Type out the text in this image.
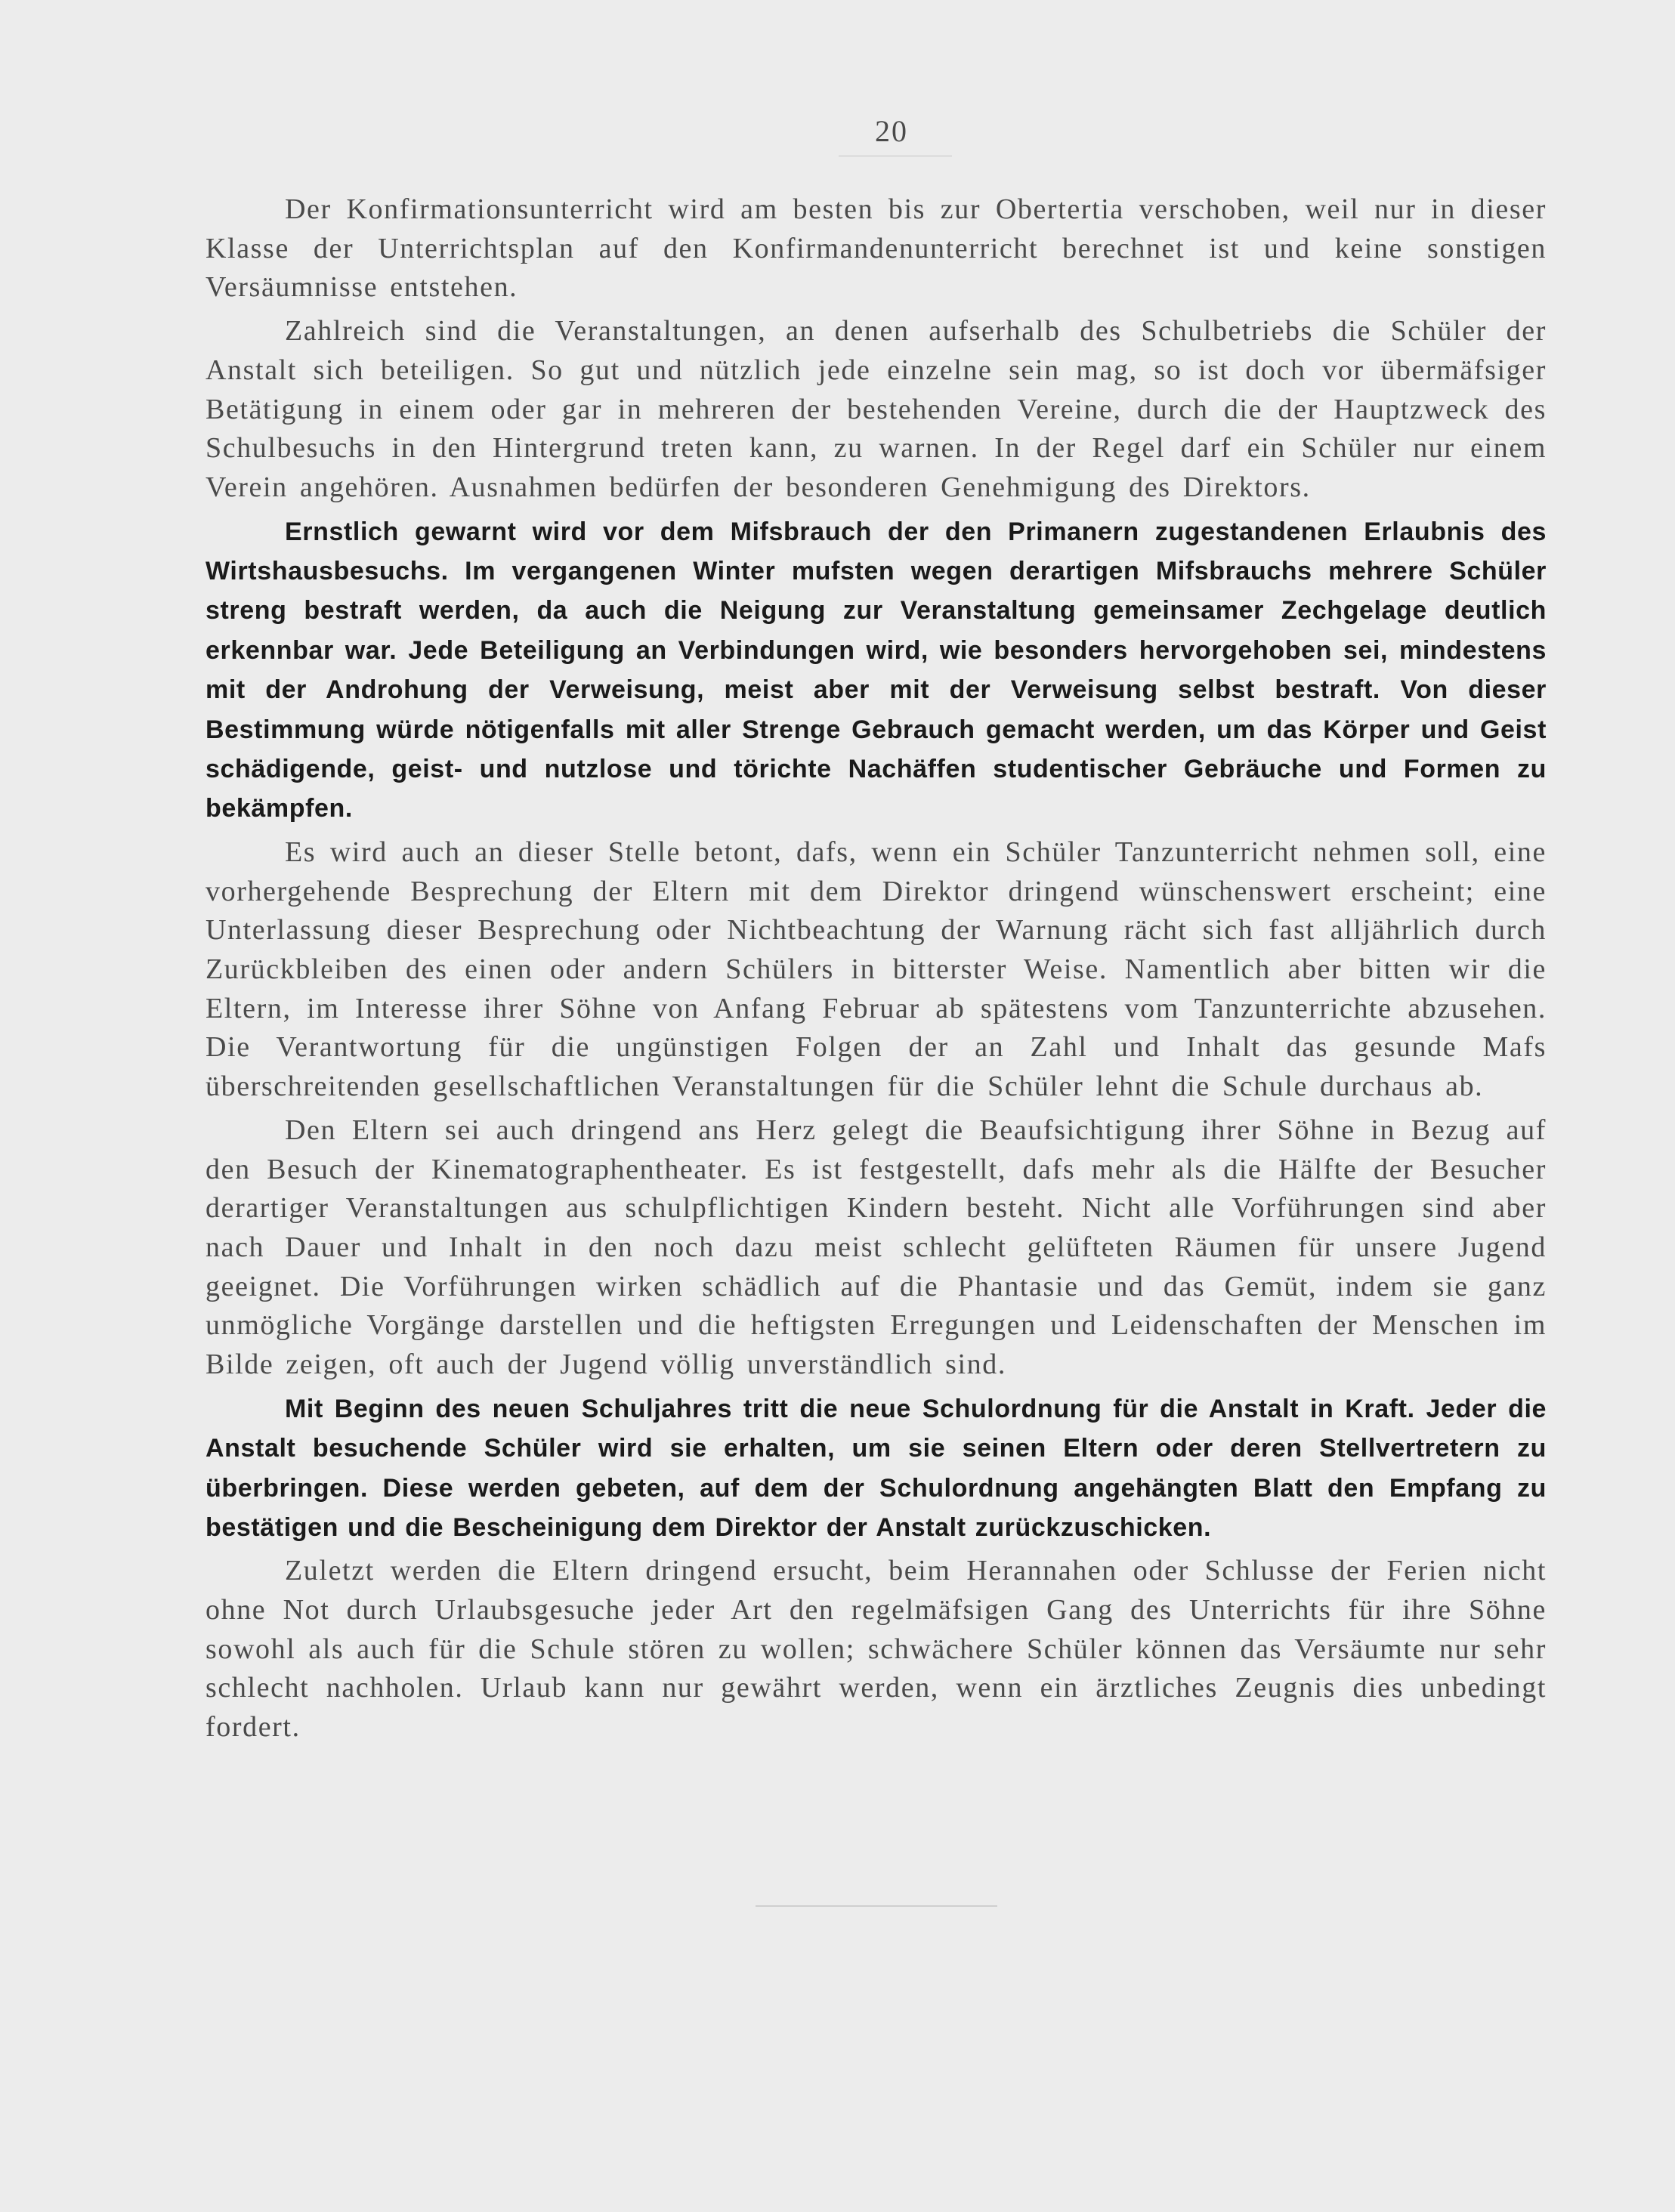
20

Der Konfirmationsunterricht wird am besten bis zur Obertertia verschoben, weil nur in dieser Klasse der Unterrichtsplan auf den Konfirmandenunterricht berechnet ist und keine sonstigen Versäumnisse entstehen.

Zahlreich sind die Veranstaltungen, an denen aufserhalb des Schulbetriebs die Schüler der Anstalt sich beteiligen. So gut und nützlich jede einzelne sein mag, so ist doch vor übermäfsiger Betätigung in einem oder gar in mehreren der bestehenden Vereine, durch die der Hauptzweck des Schulbesuchs in den Hintergrund treten kann, zu warnen. In der Regel darf ein Schüler nur einem Verein angehören. Ausnahmen bedürfen der besonderen Genehmigung des Direktors.

Ernstlich gewarnt wird vor dem Mifsbrauch der den Primanern zugestandenen Erlaubnis des Wirtshausbesuchs. Im vergangenen Winter mufsten wegen derartigen Mifsbrauchs mehrere Schüler streng bestraft werden, da auch die Neigung zur Veranstaltung gemeinsamer Zechgelage deutlich erkennbar war. Jede Beteiligung an Verbindungen wird, wie besonders hervorgehoben sei, mindestens mit der Androhung der Verweisung, meist aber mit der Verweisung selbst bestraft. Von dieser Bestimmung würde nötigenfalls mit aller Strenge Gebrauch gemacht werden, um das Körper und Geist schädigende, geist- und nutzlose und törichte Nachäffen studentischer Gebräuche und Formen zu bekämpfen.

Es wird auch an dieser Stelle betont, dafs, wenn ein Schüler Tanzunterricht nehmen soll, eine vorhergehende Besprechung der Eltern mit dem Direktor dringend wünschenswert erscheint; eine Unterlassung dieser Besprechung oder Nichtbeachtung der Warnung rächt sich fast alljährlich durch Zurückbleiben des einen oder andern Schülers in bitterster Weise. Namentlich aber bitten wir die Eltern, im Interesse ihrer Söhne von Anfang Februar ab spätestens vom Tanzunterrichte abzusehen. Die Verantwortung für die ungünstigen Folgen der an Zahl und Inhalt das gesunde Mafs überschreitenden gesellschaftlichen Veranstaltungen für die Schüler lehnt die Schule durchaus ab.

Den Eltern sei auch dringend ans Herz gelegt die Beaufsichtigung ihrer Söhne in Bezug auf den Besuch der Kinematographentheater. Es ist festgestellt, dafs mehr als die Hälfte der Besucher derartiger Veranstaltungen aus schulpflichtigen Kindern besteht. Nicht alle Vorführungen sind aber nach Dauer und Inhalt in den noch dazu meist schlecht gelüfteten Räumen für unsere Jugend geeignet. Die Vorführungen wirken schädlich auf die Phantasie und das Gemüt, indem sie ganz unmögliche Vorgänge darstellen und die heftigsten Erregungen und Leidenschaften der Menschen im Bilde zeigen, oft auch der Jugend völlig unverständlich sind.

Mit Beginn des neuen Schuljahres tritt die neue Schulordnung für die Anstalt in Kraft. Jeder die Anstalt besuchende Schüler wird sie erhalten, um sie seinen Eltern oder deren Stellvertretern zu überbringen. Diese werden gebeten, auf dem der Schulordnung angehängten Blatt den Empfang zu bestätigen und die Bescheinigung dem Direktor der Anstalt zurückzuschicken.

Zuletzt werden die Eltern dringend ersucht, beim Herannahen oder Schlusse der Ferien nicht ohne Not durch Urlaubsgesuche jeder Art den regelmäfsigen Gang des Unterrichts für ihre Söhne sowohl als auch für die Schule stören zu wollen; schwächere Schüler können das Versäumte nur sehr schlecht nachholen. Urlaub kann nur gewährt werden, wenn ein ärztliches Zeugnis dies unbedingt fordert.
